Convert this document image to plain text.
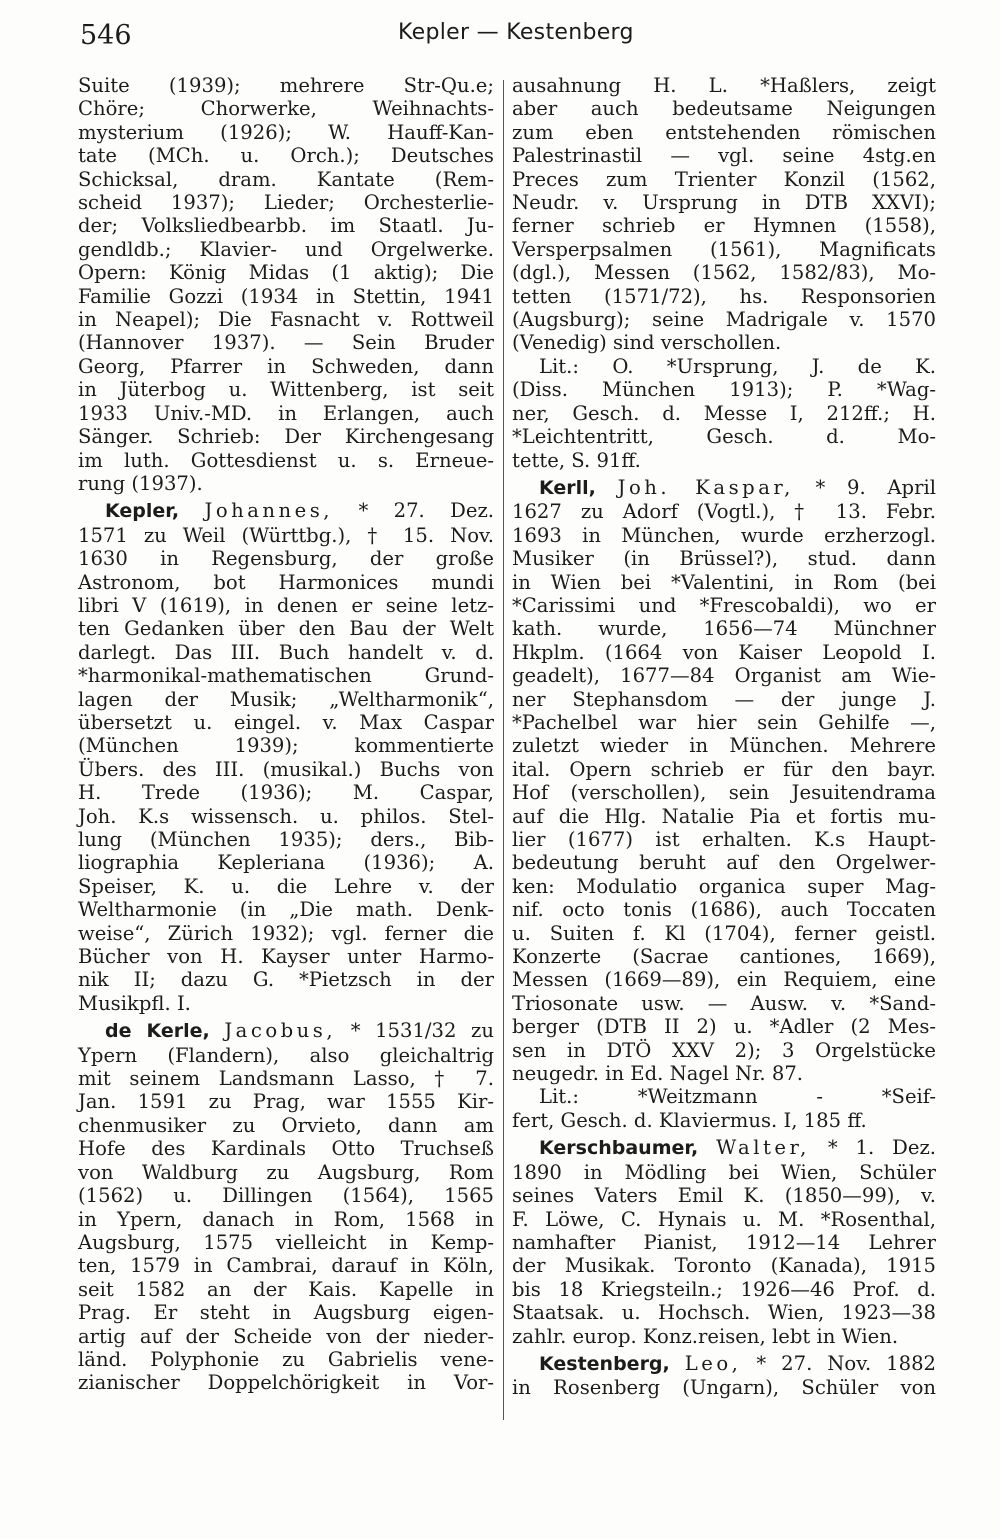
546	Kepler — Kestenberg
Suite (1939); mehrere Str-Qu.e;
Chöre; Chorwerke, Weihnachts-
mysterium (1926); W. Hauff-Kan-
tate (MCh. u. Orch.); Deutsches
Schicksal, dram. Kantate (Rem-
scheid 1937); Lieder; Orchesterlie-
der; Volksliedbearbb. im Staatl. Ju-
gendldb.; Klavier- und Orgelwerke.
Opern: König Midas (1 aktig); Die
Familie Gozzi (1934 in Stettin, 1941
in Neapel); Die Fasnacht v. Rottweil
(Hannover 1937). — Sein Bruder
Georg, Pfarrer in Schweden, dann
in Jüterbog u. Wittenberg, ist seit
1933 Univ.-MD. in Erlangen, auch
Sänger. Schrieb: Der Kirchengesang
im luth. Gottesdienst u. s. Erneue-
rung (1937).
Kepler, Johannes, * 27. Dez.
1571 zu Weil (Württbg.), † 15. Nov.
1630 in Regensburg, der große
Astronom, bot Harmonices mundi
libri V (1619), in denen er seine letz-
ten Gedanken über den Bau der Welt
darlegt. Das III. Buch handelt v. d.
*harmonikal-mathematischen Grund-
lagen der Musik; „Weltharmonik“,
übersetzt u. eingel. v. Max Caspar
(München 1939); kommentierte
Übers. des III. (musikal.) Buchs von
H. Trede (1936); M. Caspar,
Joh. K.s wissensch. u. philos. Stel-
lung (München 1935); ders., Bib-
liographia Kepleriana (1936); A.
Speiser, K. u. die Lehre v. der
Weltharmonie (in „Die math. Denk-
weise“, Zürich 1932); vgl. ferner die
Bücher von H. Kayser unter Harmo-
nik II; dazu G. *Pietzsch in der
Musikpfl. I.
de Kerle, Jacobus, * 1531/32 zu
Ypern (Flandern), also gleichaltrig
mit seinem Landsmann Lasso, † 7.
Jan. 1591 zu Prag, war 1555 Kir-
chenmusiker zu Orvieto, dann am
Hofe des Kardinals Otto Truchseß
von Waldburg zu Augsburg, Rom
(1562) u. Dillingen (1564), 1565
in Ypern, danach in Rom, 1568 in
Augsburg, 1575 vielleicht in Kemp-
ten, 1579 in Cambrai, darauf in Köln,
seit 1582 an der Kais. Kapelle in
Prag. Er steht in Augsburg eigen-
artig auf der Scheide von der nieder-
länd. Polyphonie zu Gabrielis vene-
zianischer Doppelchörigkeit in Vor-
ausahnung H. L. *Haßlers, zeigt
aber auch bedeutsame Neigungen
zum eben entstehenden römischen
Palestrinastil — vgl. seine 4stg.en
Preces zum Trienter Konzil (1562,
Neudr. v. Ursprung in DTB XXVI);
ferner schrieb er Hymnen (1558),
Versperpsalmen (1561), Magnificats
(dgl.), Messen (1562, 1582/83), Mo-
tetten (1571/72), hs. Responsorien
(Augsburg); seine Madrigale v. 1570
(Venedig) sind verschollen.
Lit.: O. *Ursprung, J. de K.
(Diss. München 1913); P. *Wag-
ner, Gesch. d. Messe I, 212ff.; H.
*Leichtentritt, Gesch. d. Mo-
tette, S. 91ff.
Kerll, Joh. Kaspar, * 9. April
1627 zu Adorf (Vogtl.), † 13. Febr.
1693 in München, wurde erzherzogl.
Musiker (in Brüssel?), stud. dann
in Wien bei *Valentini, in Rom (bei
*Carissimi und *Frescobaldi), wo er
kath. wurde, 1656—74 Münchner
Hkplm. (1664 von Kaiser Leopold I.
geadelt), 1677—84 Organist am Wie-
ner Stephansdom — der junge J.
*Pachelbel war hier sein Gehilfe —,
zuletzt wieder in München. Mehrere
ital. Opern schrieb er für den bayr.
Hof (verschollen), sein Jesuitendrama
auf die Hlg. Natalie Pia et fortis mu-
lier (1677) ist erhalten. K.s Haupt-
bedeutung beruht auf den Orgelwer-
ken: Modulatio organica super Mag-
nif. octo tonis (1686), auch Toccaten
u. Suiten f. Kl (1704), ferner geistl.
Konzerte (Sacrae cantiones, 1669),
Messen (1669—89), ein Requiem, eine
Triosonate usw. — Ausw. v. *Sand-
berger (DTB II 2) u. *Adler (2 Mes-
sen in DTÖ XXV 2); 3 Orgelstücke
neugedr. in Ed. Nagel Nr. 87.
Lit.: *Weitzmann - *Seif-
fert, Gesch. d. Klaviermus. I, 185 ff.
Kerschbaumer, Walter, * 1. Dez.
1890 in Mödling bei Wien, Schüler
seines Vaters Emil K. (1850—99), v.
F. Löwe, C. Hynais u. M. *Rosenthal,
namhafter Pianist, 1912—14 Lehrer
der Musikak. Toronto (Kanada), 1915
bis 18 Kriegsteiln.; 1926—46 Prof. d.
Staatsak. u. Hochsch. Wien, 1923—38
zahlr. europ. Konz.reisen, lebt in Wien.
Kestenberg, Leo, * 27. Nov. 1882
in Rosenberg (Ungarn), Schüler von
